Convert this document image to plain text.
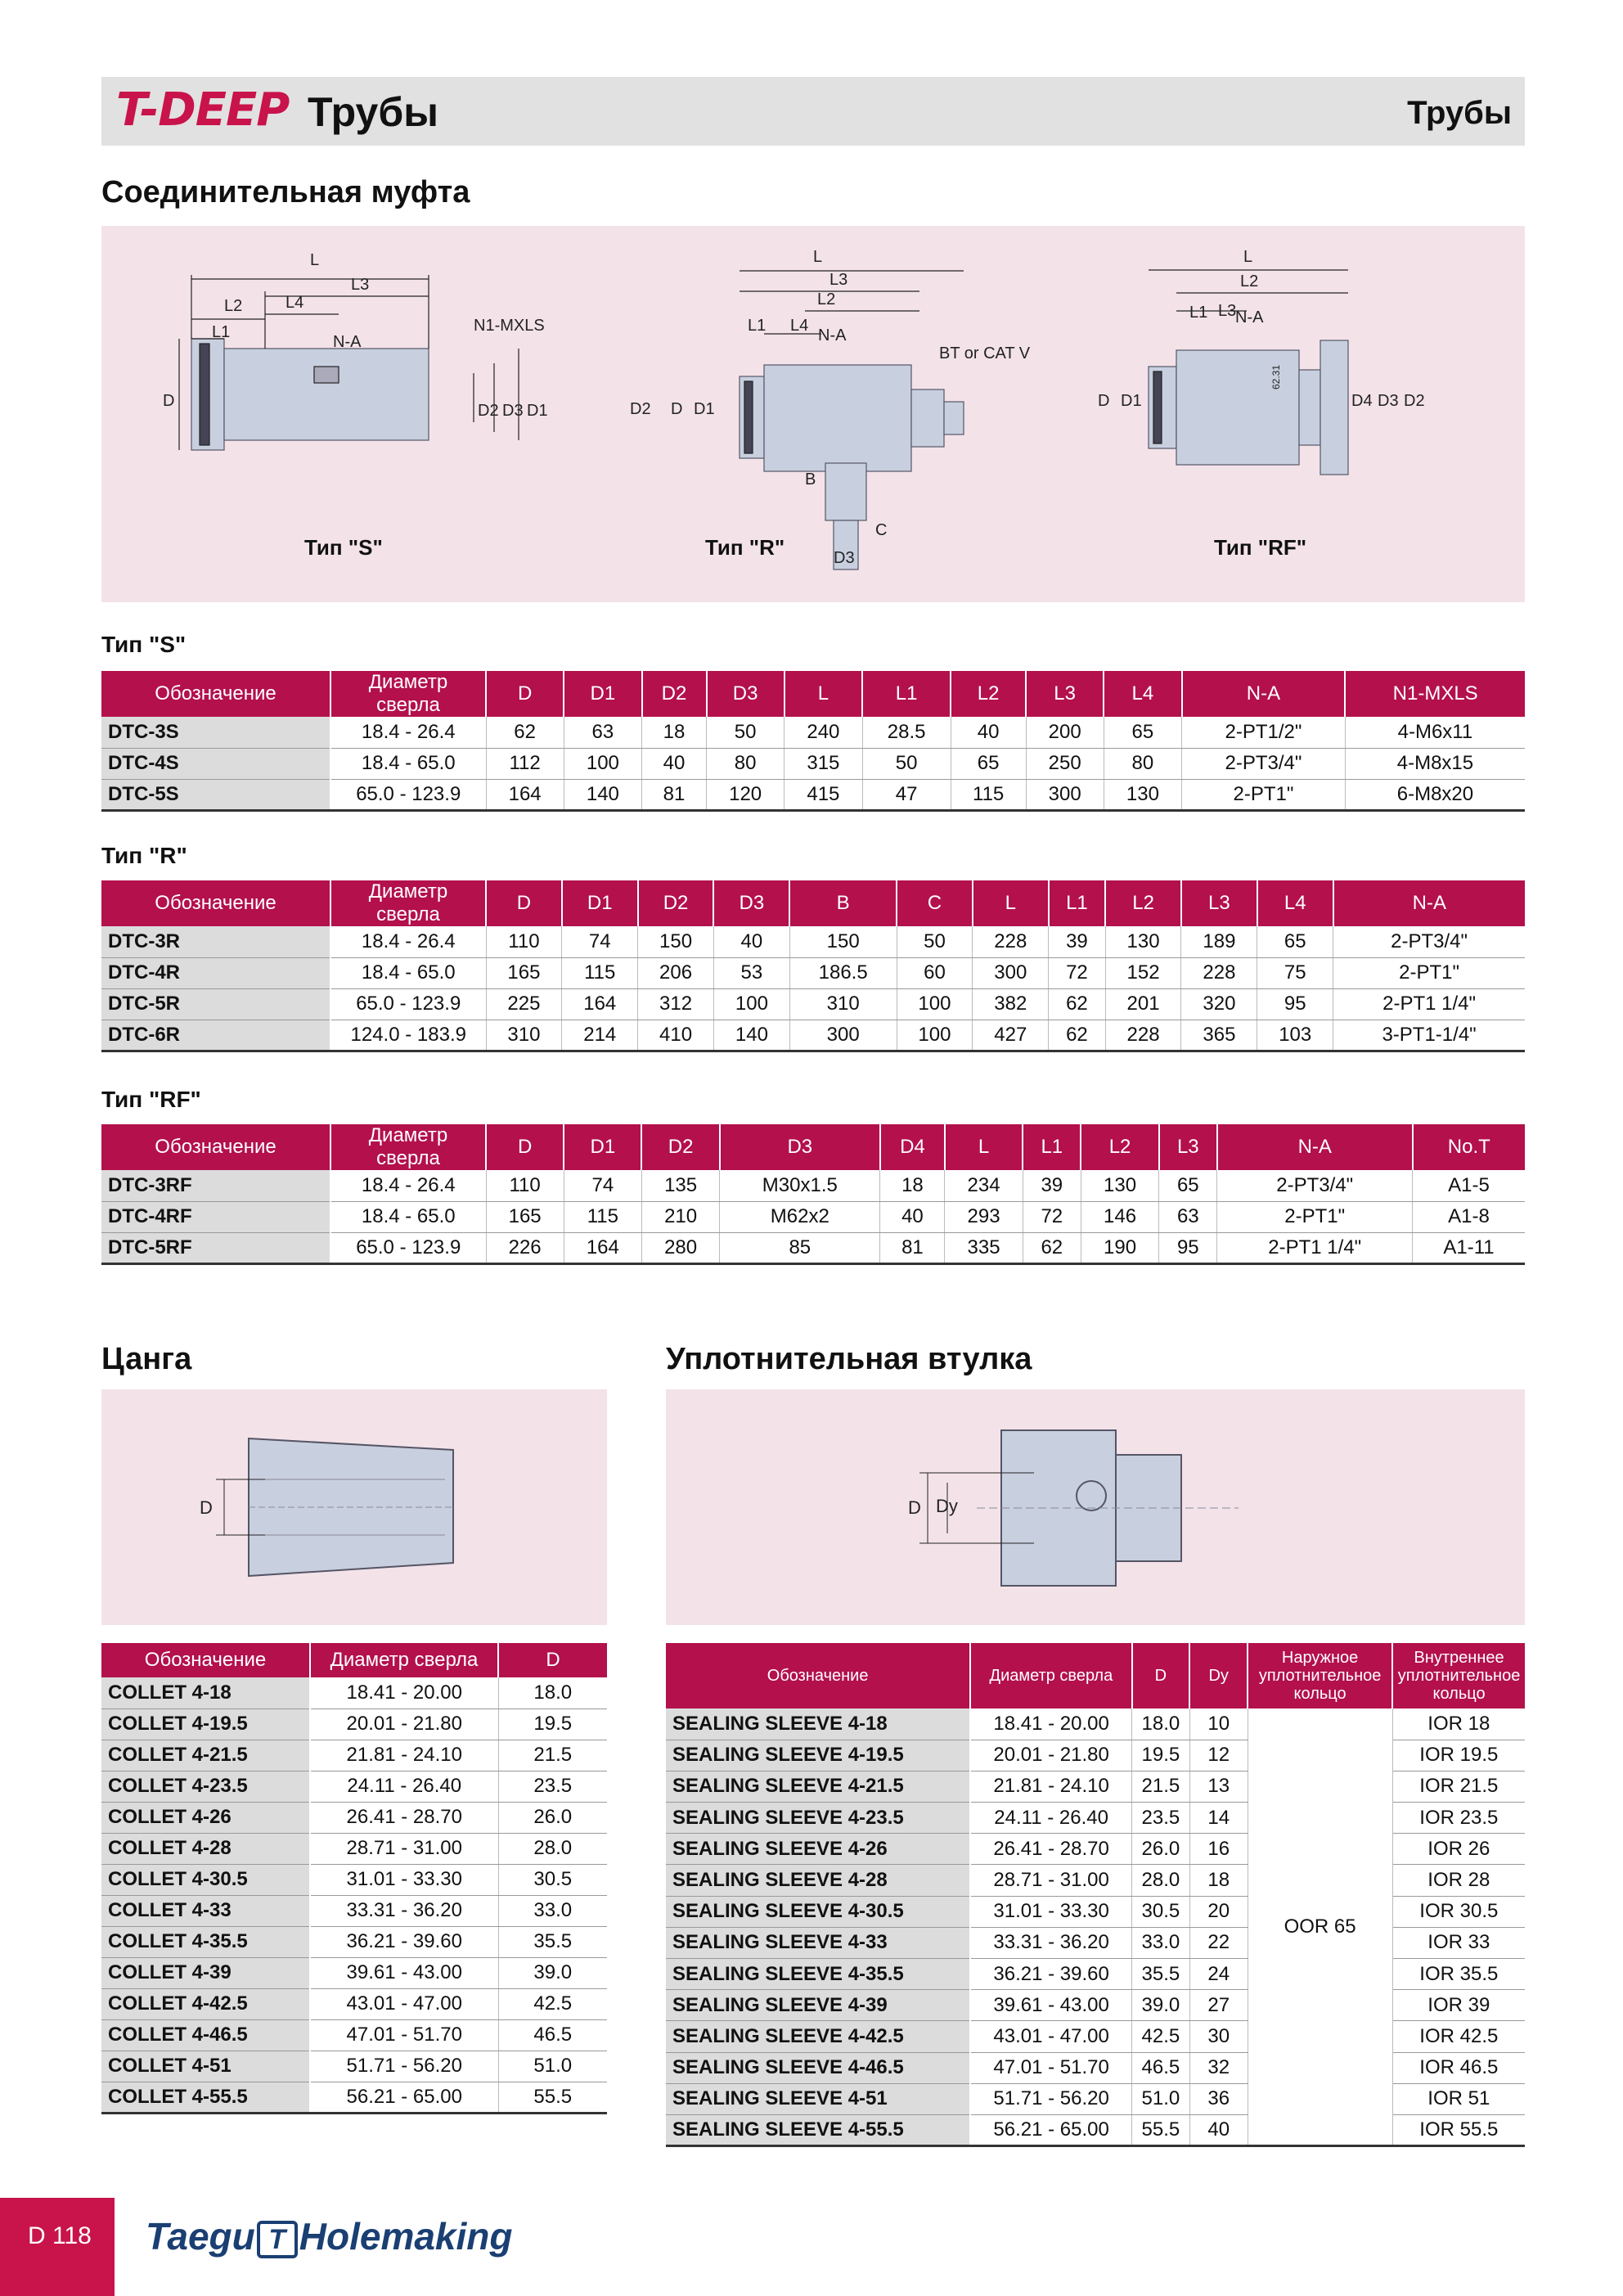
T-DEEP Трубы	Трубы
Соединительная муфта
L
L3
L2	L4
L1
N-A
N1-MXLS
D
D2 D3 D1
L
L3
L2
L1 L4
N-A
BT or CAT V
D2 D D1
B
C
D3
L
L2
L1 L3
N-A
D D1	D4 D3 D2
62.31
Тип "S"	Тип "R"	Тип "RF"
Тип "S"
Обозначение	Диаметр сверла	D	D1	D2	D3	L	L1	L2	L3	L4	N-A	N1-MXLS
DTC-3S	18.4 - 26.4	62	63	18	50	240	28.5	40	200	65	2-PT1/2"	4-M6x11
DTC-4S	18.4 - 65.0	112	100	40	80	315	50	65	250	80	2-PT3/4"	4-M8x15
DTC-5S	65.0 - 123.9	164	140	81	120	415	47	115	300	130	2-PT1"	6-M8x20
Тип "R"
Обозначение	Диаметр сверла	D	D1	D2	D3	B	C	L	L1	L2	L3	L4	N-A
DTC-3R	18.4 - 26.4	110	74	150	40	150	50	228	39	130	189	65	2-PT3/4"
DTC-4R	18.4 - 65.0	165	115	206	53	186.5	60	300	72	152	228	75	2-PT1"
DTC-5R	65.0 - 123.9	225	164	312	100	310	100	382	62	201	320	95	2-PT1 1/4"
DTC-6R	124.0 - 183.9	310	214	410	140	300	100	427	62	228	365	103	3-PT1-1/4"
Тип "RF"
Обозначение	Диаметр сверла	D	D1	D2	D3	D4	L	L1	L2	L3	N-A	No.T
DTC-3RF	18.4 - 26.4	110	74	135	M30x1.5	18	234	39	130	65	2-PT3/4"	A1-5
DTC-4RF	18.4 - 65.0	165	115	210	M62x2	40	293	72	146	63	2-PT1"	A1-8
DTC-5RF	65.0 - 123.9	226	164	280	85	81	335	62	190	95	2-PT1 1/4"	A1-11
Цанга
D
Обозначение	Диаметр сверла	D
COLLET 4-18	18.41 - 20.00	18.0
COLLET 4-19.5	20.01 - 21.80	19.5
COLLET 4-21.5	21.81 - 24.10	21.5
COLLET 4-23.5	24.11 - 26.40	23.5
COLLET 4-26	26.41 - 28.70	26.0
COLLET 4-28	28.71 - 31.00	28.0
COLLET 4-30.5	31.01 - 33.30	30.5
COLLET 4-33	33.31 - 36.20	33.0
COLLET 4-35.5	36.21 - 39.60	35.5
COLLET 4-39	39.61 - 43.00	39.0
COLLET 4-42.5	43.01 - 47.00	42.5
COLLET 4-46.5	47.01 - 51.70	46.5
COLLET 4-51	51.71 - 56.20	51.0
COLLET 4-55.5	56.21 - 65.00	55.5
Уплотнительная втулка
D Dy
Обозначение	Диаметр сверла	D	Dy	Наружное уплотнительное кольцо	Внутреннее уплотнительное кольцо
SEALING SLEEVE 4-18	18.41 - 20.00	18.0	10	OOR 65	IOR 18
SEALING SLEEVE 4-19.5	20.01 - 21.80	19.5	12		IOR 19.5
SEALING SLEEVE 4-21.5	21.81 - 24.10	21.5	13		IOR 21.5
SEALING SLEEVE 4-23.5	24.11 - 26.40	23.5	14		IOR 23.5
SEALING SLEEVE 4-26	26.41 - 28.70	26.0	16		IOR 26
SEALING SLEEVE 4-28	28.71 - 31.00	28.0	18		IOR 28
SEALING SLEEVE 4-30.5	31.01 - 33.30	30.5	20		IOR 30.5
SEALING SLEEVE 4-33	33.31 - 36.20	33.0	22		IOR 33
SEALING SLEEVE 4-35.5	36.21 - 39.60	35.5	24		IOR 35.5
SEALING SLEEVE 4-39	39.61 - 43.00	39.0	27		IOR 39
SEALING SLEEVE 4-42.5	43.01 - 47.00	42.5	30		IOR 42.5
SEALING SLEEVE 4-46.5	47.01 - 51.70	46.5	32		IOR 46.5
SEALING SLEEVE 4-51	51.71 - 56.20	51.0	36		IOR 51
SEALING SLEEVE 4-55.5	56.21 - 65.00	55.5	40		IOR 55.5
D 118 Taegu T Holemaking
